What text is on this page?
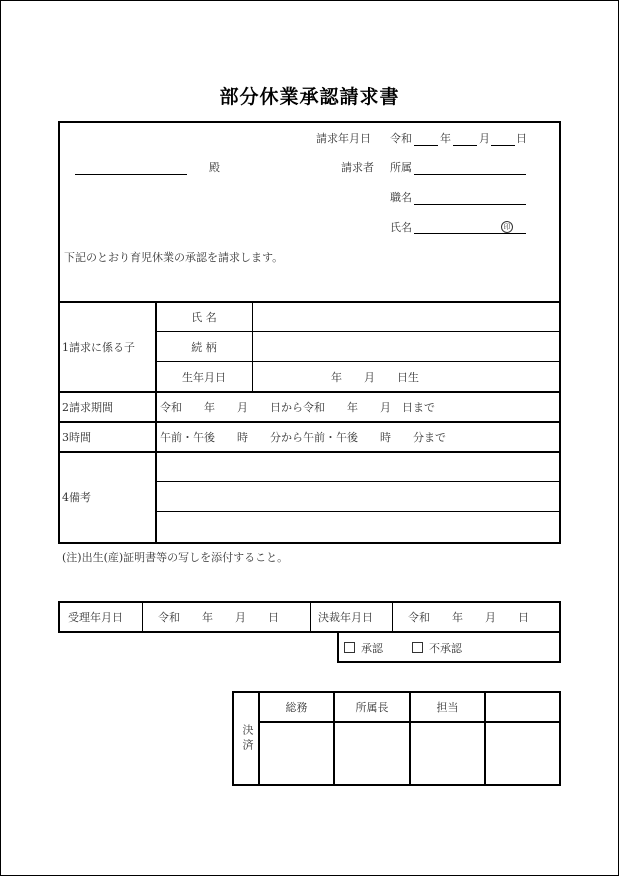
部分休業承認請求書
請求年月日 令和	年	月 日
殿	請求者 所属
職名
氏名	印
下記のとおり育児休業の承認を請求します。
1請求に係る子
氏 名
続 柄
生年月日	年　　月　　日生
2請求期間	令和　　年　　月　　日から令和　　年　　月　日まで
3時間	午前・午後　　時　　分から午前・午後　　時　　分まで
4備考
(注)出生(産)証明書等の写しを添付すること。
受理年月日	令和　　年　　月　　日	決裁年月日	令和　　年　　月　　日
承認	不承認
決済
総務	所属長	担当
